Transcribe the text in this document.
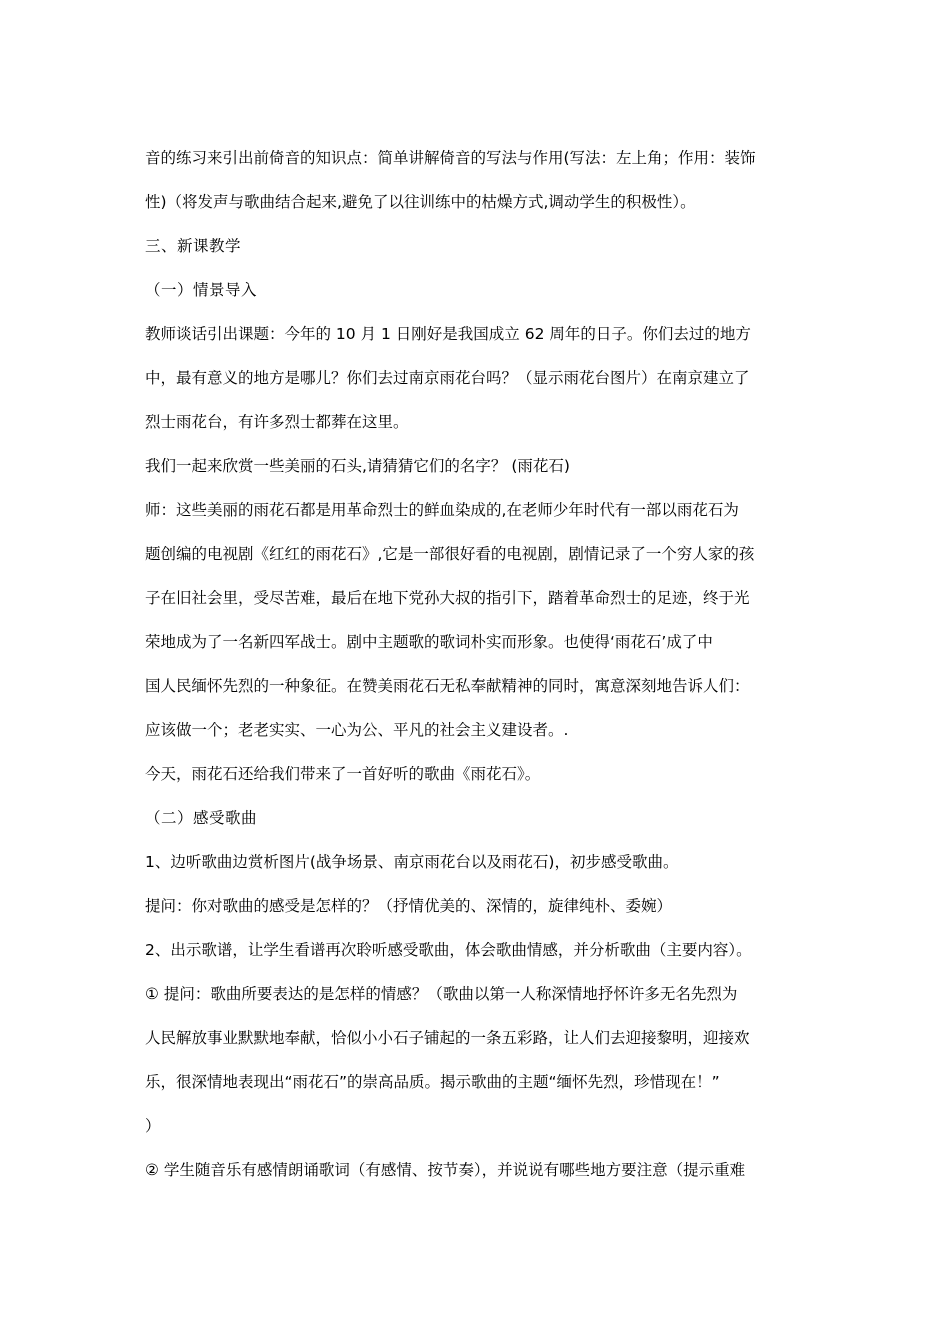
音的练习来引出前倚音的知识点：简单讲解倚音的写法与作用(写法：左上角；作用：装饰
性)（将发声与歌曲结合起来,避免了以往训练中的枯燥方式,调动学生的积极性）。
三、新课教学
（一）情景导入
教师谈话引出课题：今年的 10 月 1 日刚好是我国成立 62 周年的日子。你们去过的地方
中，最有意义的地方是哪儿？你们去过南京雨花台吗？（显示雨花台图片）在南京建立了
烈士雨花台，有许多烈士都葬在这里。
我们一起来欣赏一些美丽的石头,请猜猜它们的名字？ (雨花石)
师：这些美丽的雨花石都是用革命烈士的鲜血染成的,在老师少年时代有一部以雨花石为
题创编的电视剧《红红的雨花石》,它是一部很好看的电视剧，剧情记录了一个穷人家的孩
子在旧社会里，受尽苦难，最后在地下党孙大叔的指引下，踏着革命烈士的足迹，终于光
荣地成为了一名新四军战士。剧中主题歌的歌词朴实而形象。也使得‘雨花石’成了中
国人民缅怀先烈的一种象征。在赞美雨花石无私奉献精神的同时，寓意深刻地告诉人们：
应该做一个；老老实实、一心为公、平凡的社会主义建设者。.
今天，雨花石还给我们带来了一首好听的歌曲《雨花石》。
（二）感受歌曲
1、边听歌曲边赏析图片(战争场景、南京雨花台以及雨花石)，初步感受歌曲。
提问：你对歌曲的感受是怎样的？（抒情优美的、深情的，旋律纯朴、委婉）
2、出示歌谱，让学生看谱再次聆听感受歌曲，体会歌曲情感，并分析歌曲（主要内容）。
① 提问：歌曲所要表达的是怎样的情感？（歌曲以第一人称深情地抒怀许多无名先烈为
人民解放事业默默地奉献，恰似小小石子铺起的一条五彩路，让人们去迎接黎明，迎接欢
乐，很深情地表现出“雨花石”的崇高品质。揭示歌曲的主题“缅怀先烈，珍惜现在！”
）
② 学生随音乐有感情朗诵歌词（有感情、按节奏），并说说有哪些地方要注意（提示重难
